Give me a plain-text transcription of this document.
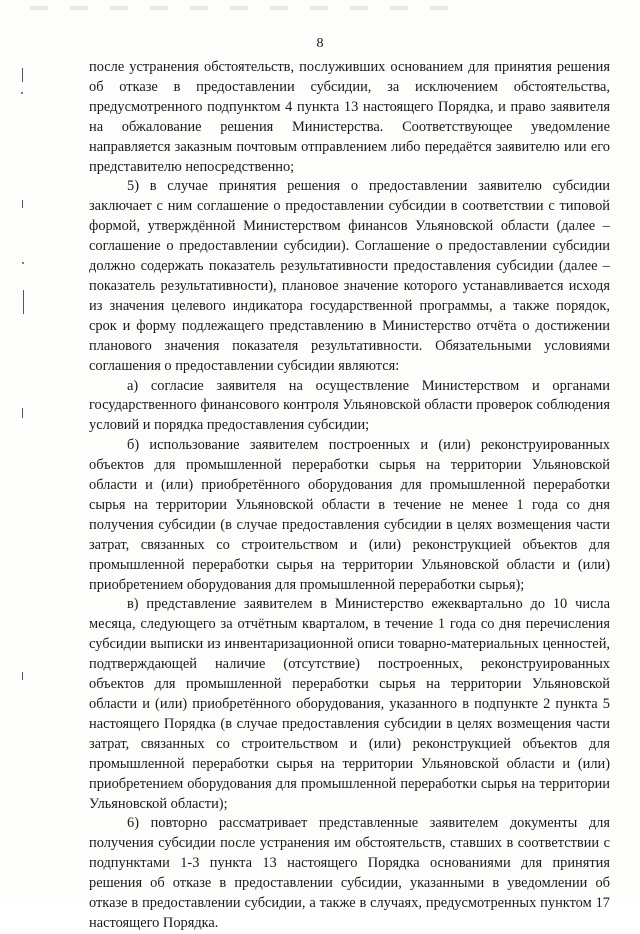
8

после устранения обстоятельств, послуживших основанием для принятия решения об отказе в предоставлении субсидии, за исключением обстоятельства, предусмотренного подпунктом 4 пункта 13 настоящего Порядка, и право заявителя на обжалование решения Министерства. Соответствующее уведомление направляется заказным почтовым отправлением либо передаётся заявителю или его представителю непосредственно;

5) в случае принятия решения о предоставлении заявителю субсидии заключает с ним соглашение о предоставлении субсидии в соответствии с типовой формой, утверждённой Министерством финансов Ульяновской области (далее – соглашение о предоставлении субсидии). Соглашение о предоставлении субсидии должно содержать показатель результативности предоставления субсидии (далее – показатель результативности), плановое значение которого устанавливается исходя из значения целевого индикатора государственной программы, а также порядок, срок и форму подлежащего представлению в Министерство отчёта о достижении планового значения показателя результативности. Обязательными условиями соглашения о предоставлении субсидии являются:

а) согласие заявителя на осуществление Министерством и органами государственного финансового контроля Ульяновской области проверок соблюдения условий и порядка предоставления субсидии;

б) использование заявителем построенных и (или) реконструированных объектов для промышленной переработки сырья на территории Ульяновской области и (или) приобретённого оборудования для промышленной переработки сырья на территории Ульяновской области в течение не менее 1 года со дня получения субсидии (в случае предоставления субсидии в целях возмещения части затрат, связанных со строительством и (или) реконструкцией объектов для промышленной переработки сырья на территории Ульяновской области и (или) приобретением оборудования для промышленной переработки сырья);

в) представление заявителем в Министерство ежеквартально до 10 числа месяца, следующего за отчётным кварталом, в течение 1 года со дня перечисления субсидии выписки из инвентаризационной описи товарно-материальных ценностей, подтверждающей наличие (отсутствие) построенных, реконструированных объектов для промышленной переработки сырья на территории Ульяновской области и (или) приобретённого оборудования, указанного в подпункте 2 пункта 5 настоящего Порядка (в случае предоставления субсидии в целях возмещения части затрат, связанных со строительством и (или) реконструкцией объектов для промышленной переработки сырья на территории Ульяновской области и (или) приобретением оборудования для промышленной переработки сырья на территории Ульяновской области);

6) повторно рассматривает представленные заявителем документы для получения субсидии после устранения им обстоятельств, ставших в соответствии с подпунктами 1-3 пункта 13 настоящего Порядка основаниями для принятия решения об отказе в предоставлении субсидии, указанными в уведомлении об отказе в предоставлении субсидии, а также в случаях, предусмотренных пунктом 17 настоящего Порядка.
